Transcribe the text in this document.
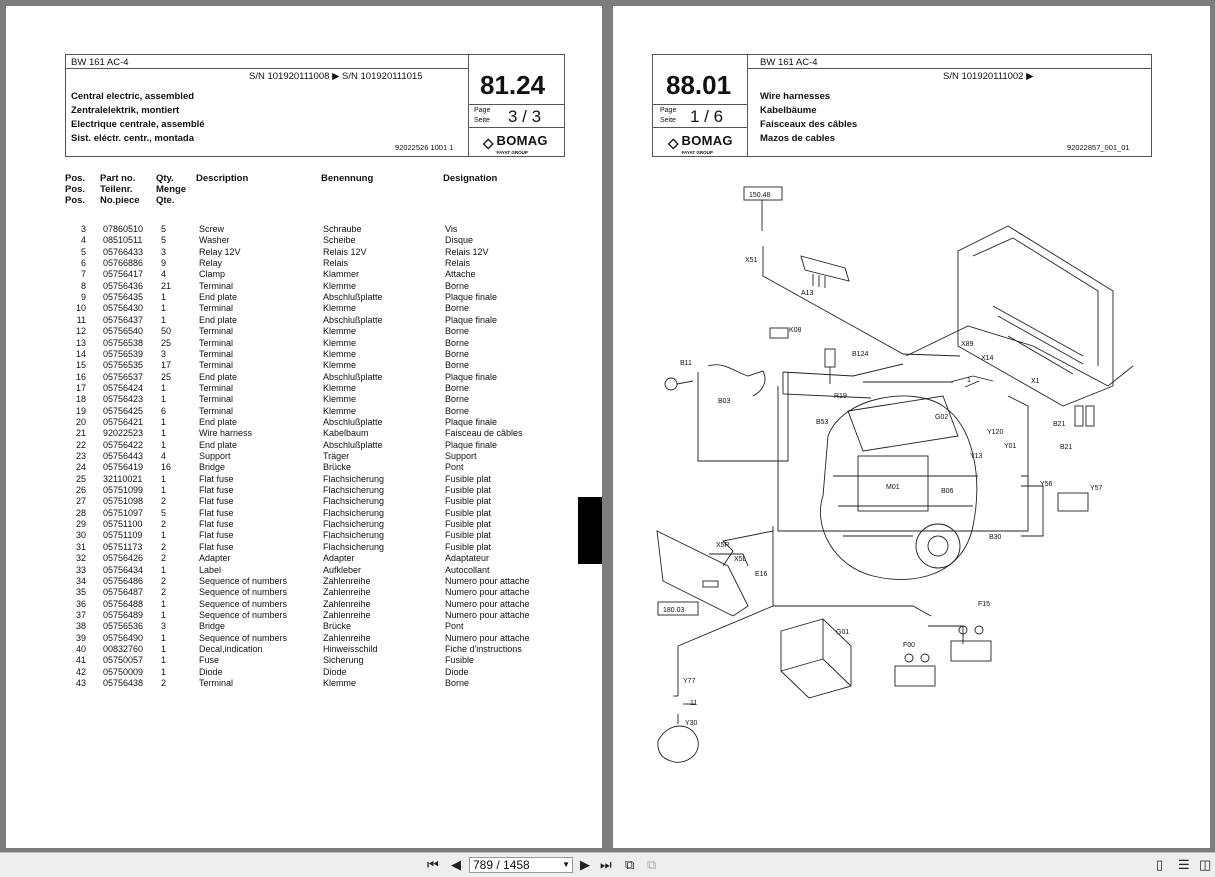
BW 161 AC-4
S/N 101920111008 ▶ S/N 101920111015 81.24
Page
Seite 3 / 3
Central electric, assembled
Zentralelektrik, montiert
Electrique centrale, assemblé
Sist. eléctr. centr., montada
92022526 1001 1 ⬦ BOMAG
FAYAT GROUP
Pos.
Pos.
Pos.
Part no.
Teilenr.
No.piece
Qty.
Menge
Qte.
Description	Benennung	Designation
3 07860510	5	Screw	Schraube	Vis
4 08510511	5	Washer	Scheibe	Disque
5 05766433	3	Relay 12V	Relais 12V	Relais 12V
6 05766886	9	Relay	Relais	Relais
7 05756417	4	Clamp	Klammer	Attache
8 05756436	21	Terminal	Klemme	Borne
9 05756435	1	End plate	Abschlußplatte	Plaque finale
10 05756430	1	Terminal	Klemme	Borne
11 05756437	1	End plate	Abschlußplatte	Plaque finale
12 05756540	50	Terminal	Klemme	Borne
13 05756538	25	Terminal	Klemme	Borne
14 05756539	3	Terminal	Klemme	Borne
15 05756535	17	Terminal	Klemme	Borne
16 05756537	25	End plate	Abschlußplatte	Plaque finale
17 05756424	1	Terminal	Klemme	Borne
18 05756423	1	Terminal	Klemme	Borne
19 05756425	6	Terminal	Klemme	Borne
20 05756421	1	End plate	Abschlußplatte	Plaque finale
21 92022523	1	Wire harness	Kabelbaum	Faisceau de câbles
22 05756422	1	End plate	Abschlußplatte	Plaque finale
23 05756443	4	Support	Träger	Support
24 05756419	16	Bridge	Brücke	Pont
25 32110021	1	Flat fuse	Flachsicherung	Fusible plat
26 05751099	1	Flat fuse	Flachsicherung	Fusible plat
27 05751098	2	Flat fuse	Flachsicherung	Fusible plat
28 05751097	5	Flat fuse	Flachsicherung	Fusible plat
29 05751100	2	Flat fuse	Flachsicherung	Fusible plat
30 05751109	1	Flat fuse	Flachsicherung	Fusible plat
31 05751173	2	Flat fuse	Flachsicherung	Fusible plat
32 05756426	2	Adapter	Adapter	Adaptateur
33 05756434	1	Label	Aufkleber	Autocollant
34 05756486	2	Sequence of numbers	Zahlenreihe	Numero pour attache
35 05756487	2	Sequence of numbers	Zahlenreihe	Numero pour attache
36 05756488	1	Sequence of numbers	Zahlenreihe	Numero pour attache
37 05756489	1	Sequence of numbers	Zahlenreihe	Numero pour attache
38 05756536	3	Bridge	Brücke	Pont
39 05756490	1	Sequence of numbers	Zahlenreihe	Numero pour attache
40 00832760	1	Decal,indication	Hinweisschild	Fiche d'instructions
41 05750057	1	Fuse	Sicherung	Fusible
42 05750009	1	Diode	Diode	Diode
43 05756438	2	Terminal	Klemme	Borne
BW 161 AC-4
S/N 101920111002 ▶
88.01
Page
Seite 1 / 6
Wire harnesses
Kabelbäume
Faisceaux des câbles
Mazos de cables
92022857_001_01
⬦ BOMAG
FAYAT GROUP
150.48
180.03
X51
A13
K08
B124
B11
B03
R19
B53
G02
Y120
Y01
Y13
M01
B06
B30
X89
X14
X1
1
B21
B21
Y56
Y57
X5R
X5L
E16
G01
F15
F00
Y77
11
Y30
⏮ ◀	789 / 1458	▼ ▶ ⏭ ⧉ ⧉	▯ ☰ ◫
